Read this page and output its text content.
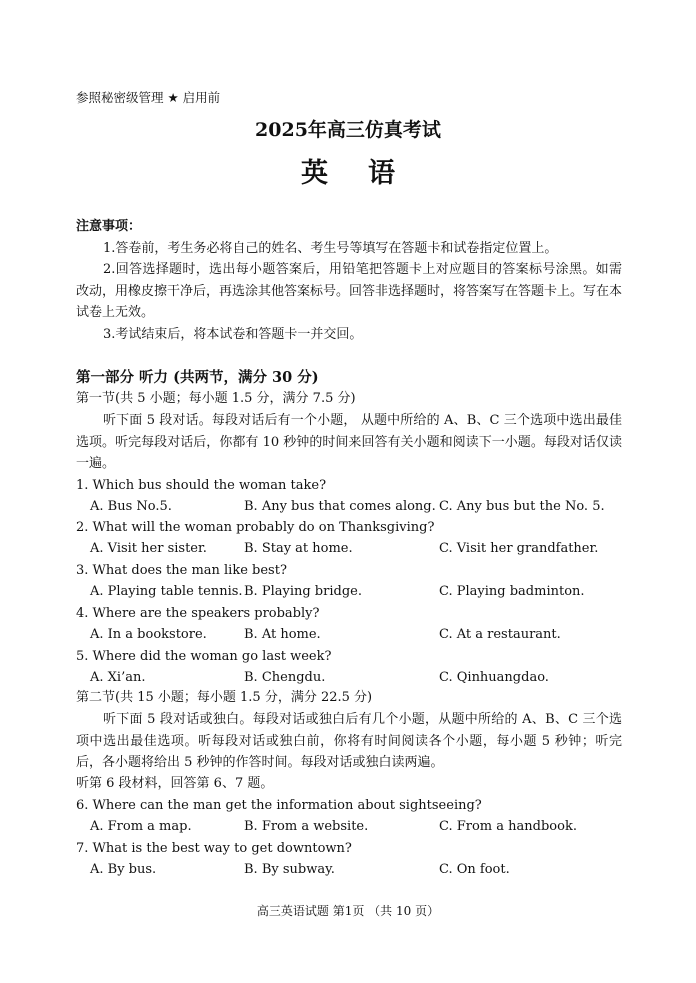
参照秘密级管理 ★ 启用前
2025年高三仿真考试
英语
注意事项：
1.答卷前，考生务必将自己的姓名、考生号等填写在答题卡和试卷指定位置上。
2.回答选择题时，选出每小题答案后，用铅笔把答题卡上对应题目的答案标号涂黑。如需改动，用橡皮擦干净后，再选涂其他答案标号。回答非选择题时，将答案写在答题卡上。写在本试卷上无效。
3.考试结束后，将本试卷和答题卡一并交回。
第一部分 听力 (共两节，满分 30 分)
第一节(共 5 小题；每小题 1.5 分，满分 7.5 分)
听下面 5 段对话。每段对话后有一个小题， 从题中所给的 A、B、C 三个选项中选出最佳选项。听完每段对话后，你都有 10 秒钟的时间来回答有关小题和阅读下一小题。每段对话仅读一遍。
1. Which bus should the woman take?
A. Bus No.5.	B. Any bus that comes along. C. Any bus but the No. 5.
2. What will the woman probably do on Thanksgiving?
A. Visit her sister.	B. Stay at home.	C. Visit her grandfather.
3. What does the man like best?
A. Playing table tennis. B. Playing bridge.	C. Playing badminton.
4. Where are the speakers probably?
A. In a bookstore.	B. At home.	C. At a restaurant.
5. Where did the woman go last week?
A. Xi’an.	B. Chengdu.	C. Qinhuangdao.
第二节(共 15 小题；每小题 1.5 分，满分 22.5 分)
听下面 5 段对话或独白。每段对话或独白后有几个小题，从题中所给的 A、B、C 三个选项中选出最佳选项。听每段对话或独白前，你将有时间阅读各个小题，每小题 5 秒钟；听完后，各小题将给出 5 秒钟的作答时间。每段对话或独白读两遍。
听第 6 段材料，回答第 6、7 题。
6. Where can the man get the information about sightseeing?
A. From a map.	B. From a website.	C. From a handbook.
7. What is the best way to get downtown?
A. By bus.	B. By subway.	C. On foot.
高三英语试题 第1页 （共 10 页）
